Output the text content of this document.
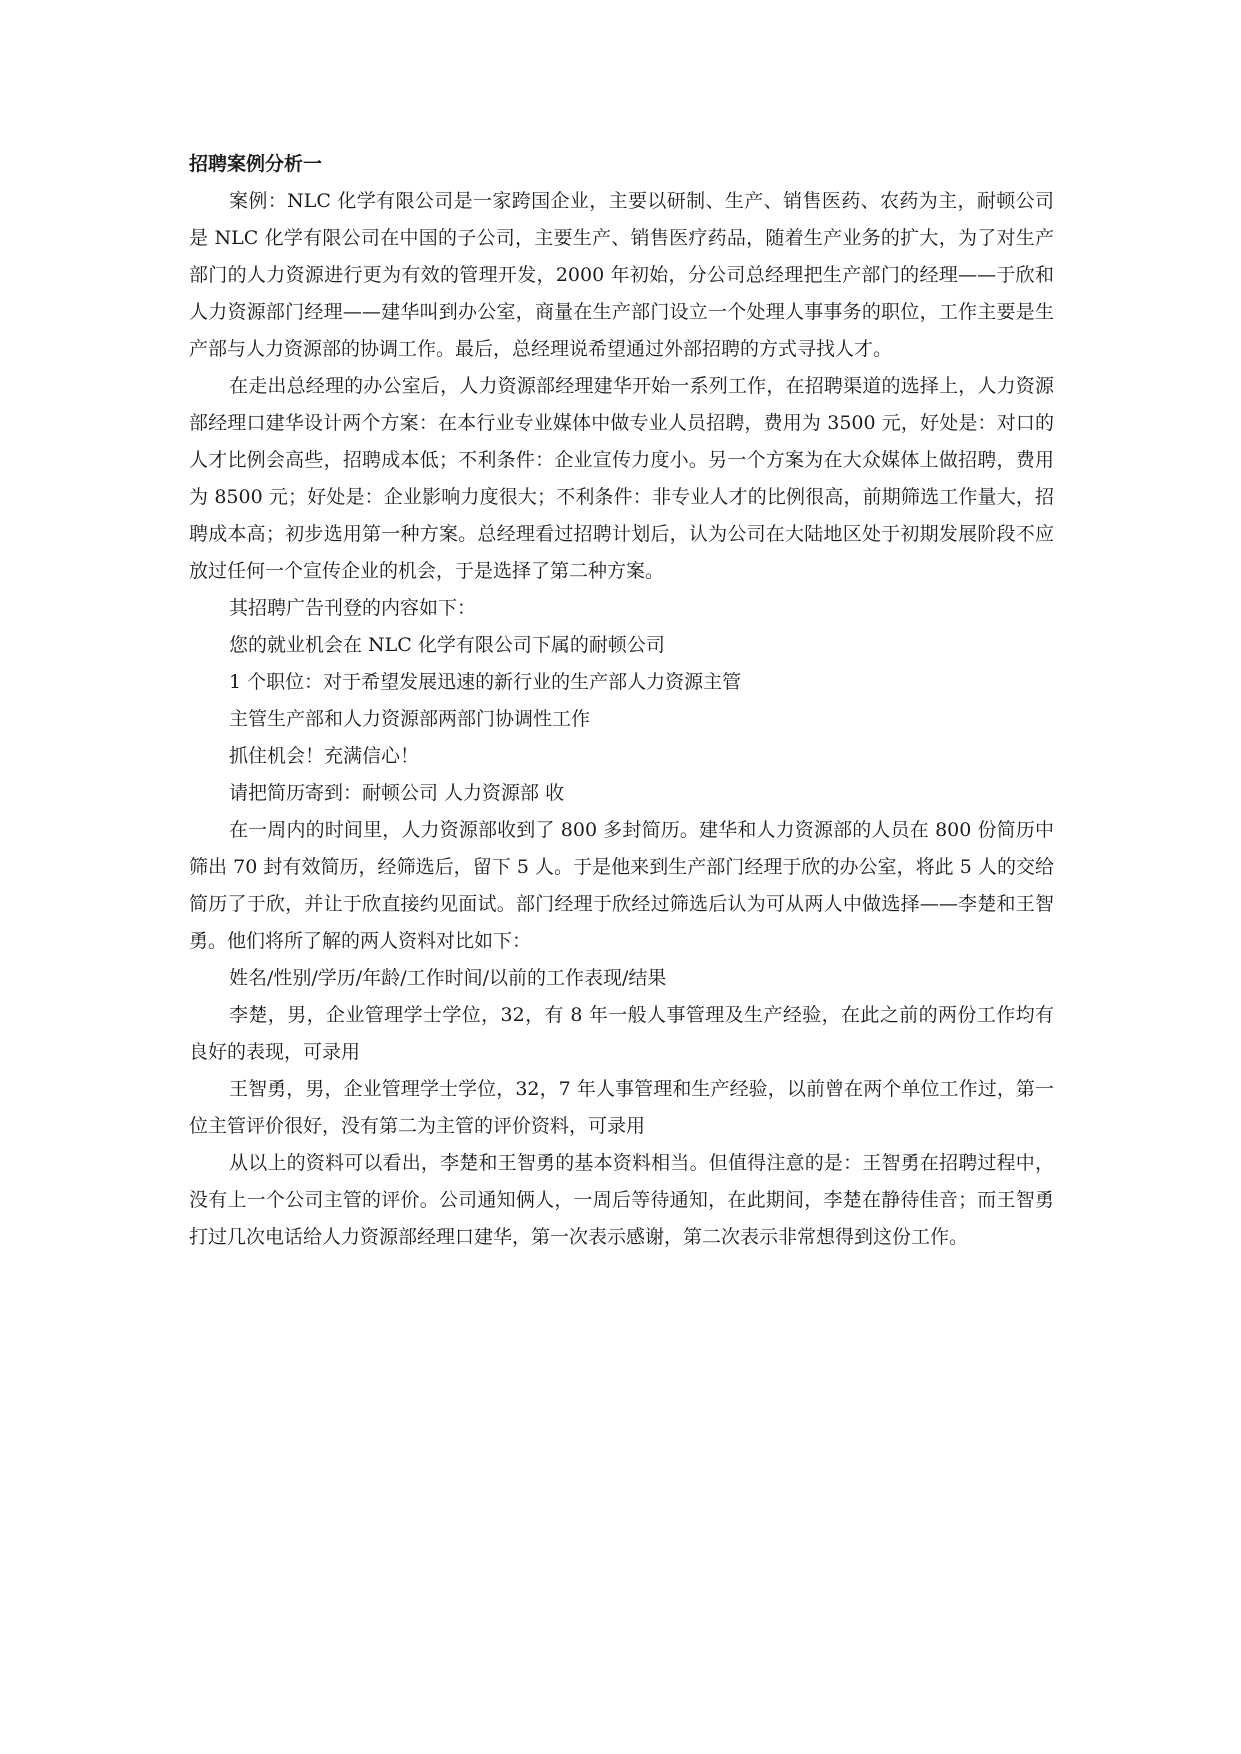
招聘案例分析一

案例：NLC 化学有限公司是一家跨国企业，主要以研制、生产、销售医药、农药为主，耐顿公司是 NLC 化学有限公司在中国的子公司，主要生产、销售医疗药品，随着生产业务的扩大，为了对生产部门的人力资源进行更为有效的管理开发，2000 年初始，分公司总经理把生产部门的经理——于欣和人力资源部门经理——建华叫到办公室，商量在生产部门设立一个处理人事事务的职位，工作主要是生产部与人力资源部的协调工作。最后，总经理说希望通过外部招聘的方式寻找人才。

在走出总经理的办公室后，人力资源部经理建华开始一系列工作，在招聘渠道的选择上，人力资源部经理口建华设计两个方案：在本行业专业媒体中做专业人员招聘，费用为 3500 元，好处是：对口的人才比例会高些，招聘成本低；不利条件：企业宣传力度小。另一个方案为在大众媒体上做招聘，费用为 8500 元；好处是：企业影响力度很大；不利条件：非专业人才的比例很高，前期筛选工作量大，招聘成本高；初步选用第一种方案。总经理看过招聘计划后，认为公司在大陆地区处于初期发展阶段不应放过任何一个宣传企业的机会，于是选择了第二种方案。

其招聘广告刊登的内容如下：

您的就业机会在 NLC 化学有限公司下属的耐顿公司

1 个职位：对于希望发展迅速的新行业的生产部人力资源主管

主管生产部和人力资源部两部门协调性工作

抓住机会！充满信心！

请把简历寄到：耐顿公司 人力资源部 收

在一周内的时间里，人力资源部收到了 800 多封简历。建华和人力资源部的人员在 800 份简历中筛出 70 封有效简历，经筛选后，留下 5 人。于是他来到生产部门经理于欣的办公室，将此 5 人的交给简历了于欣，并让于欣直接约见面试。部门经理于欣经过筛选后认为可从两人中做选择——李楚和王智勇。他们将所了解的两人资料对比如下：

姓名/性别/学历/年龄/工作时间/以前的工作表现/结果

李楚，男，企业管理学士学位，32，有 8 年一般人事管理及生产经验，在此之前的两份工作均有良好的表现，可录用

王智勇，男，企业管理学士学位，32，7 年人事管理和生产经验，以前曾在两个单位工作过，第一位主管评价很好，没有第二为主管的评价资料，可录用

从以上的资料可以看出，李楚和王智勇的基本资料相当。但值得注意的是：王智勇在招聘过程中，没有上一个公司主管的评价。公司通知俩人，一周后等待通知，在此期间，李楚在静待佳音；而王智勇打过几次电话给人力资源部经理口建华，第一次表示感谢，第二次表示非常想得到这份工作。
